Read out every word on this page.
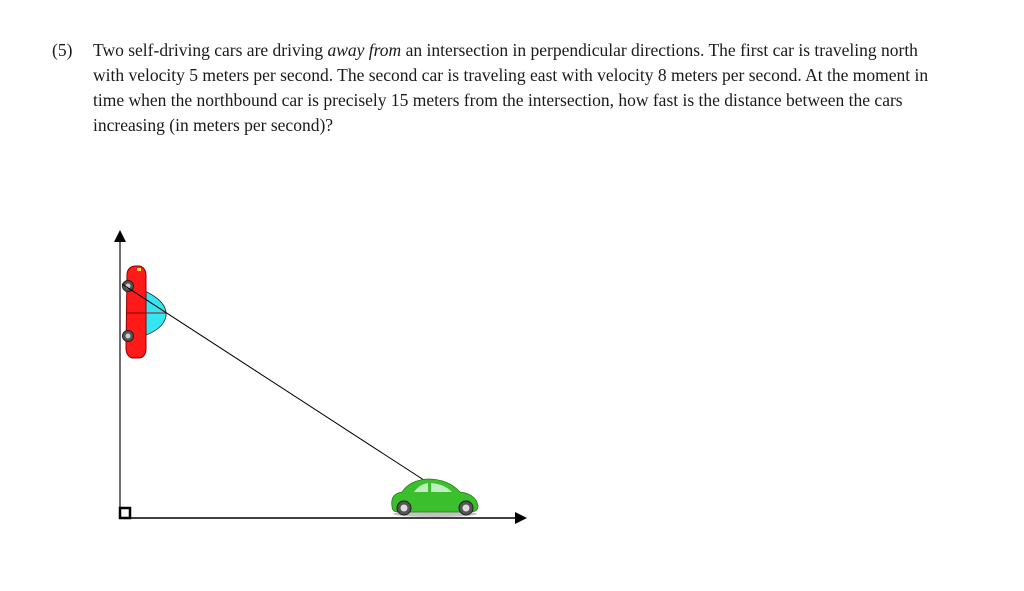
(5) Two self-driving cars are driving away from an intersection in perpendicular directions. The first car is traveling north with velocity 5 meters per second. The second car is traveling east with velocity 8 meters per second. At the moment in time when the northbound car is precisely 15 meters from the intersection, how fast is the distance between the cars increasing (in meters per second)?
